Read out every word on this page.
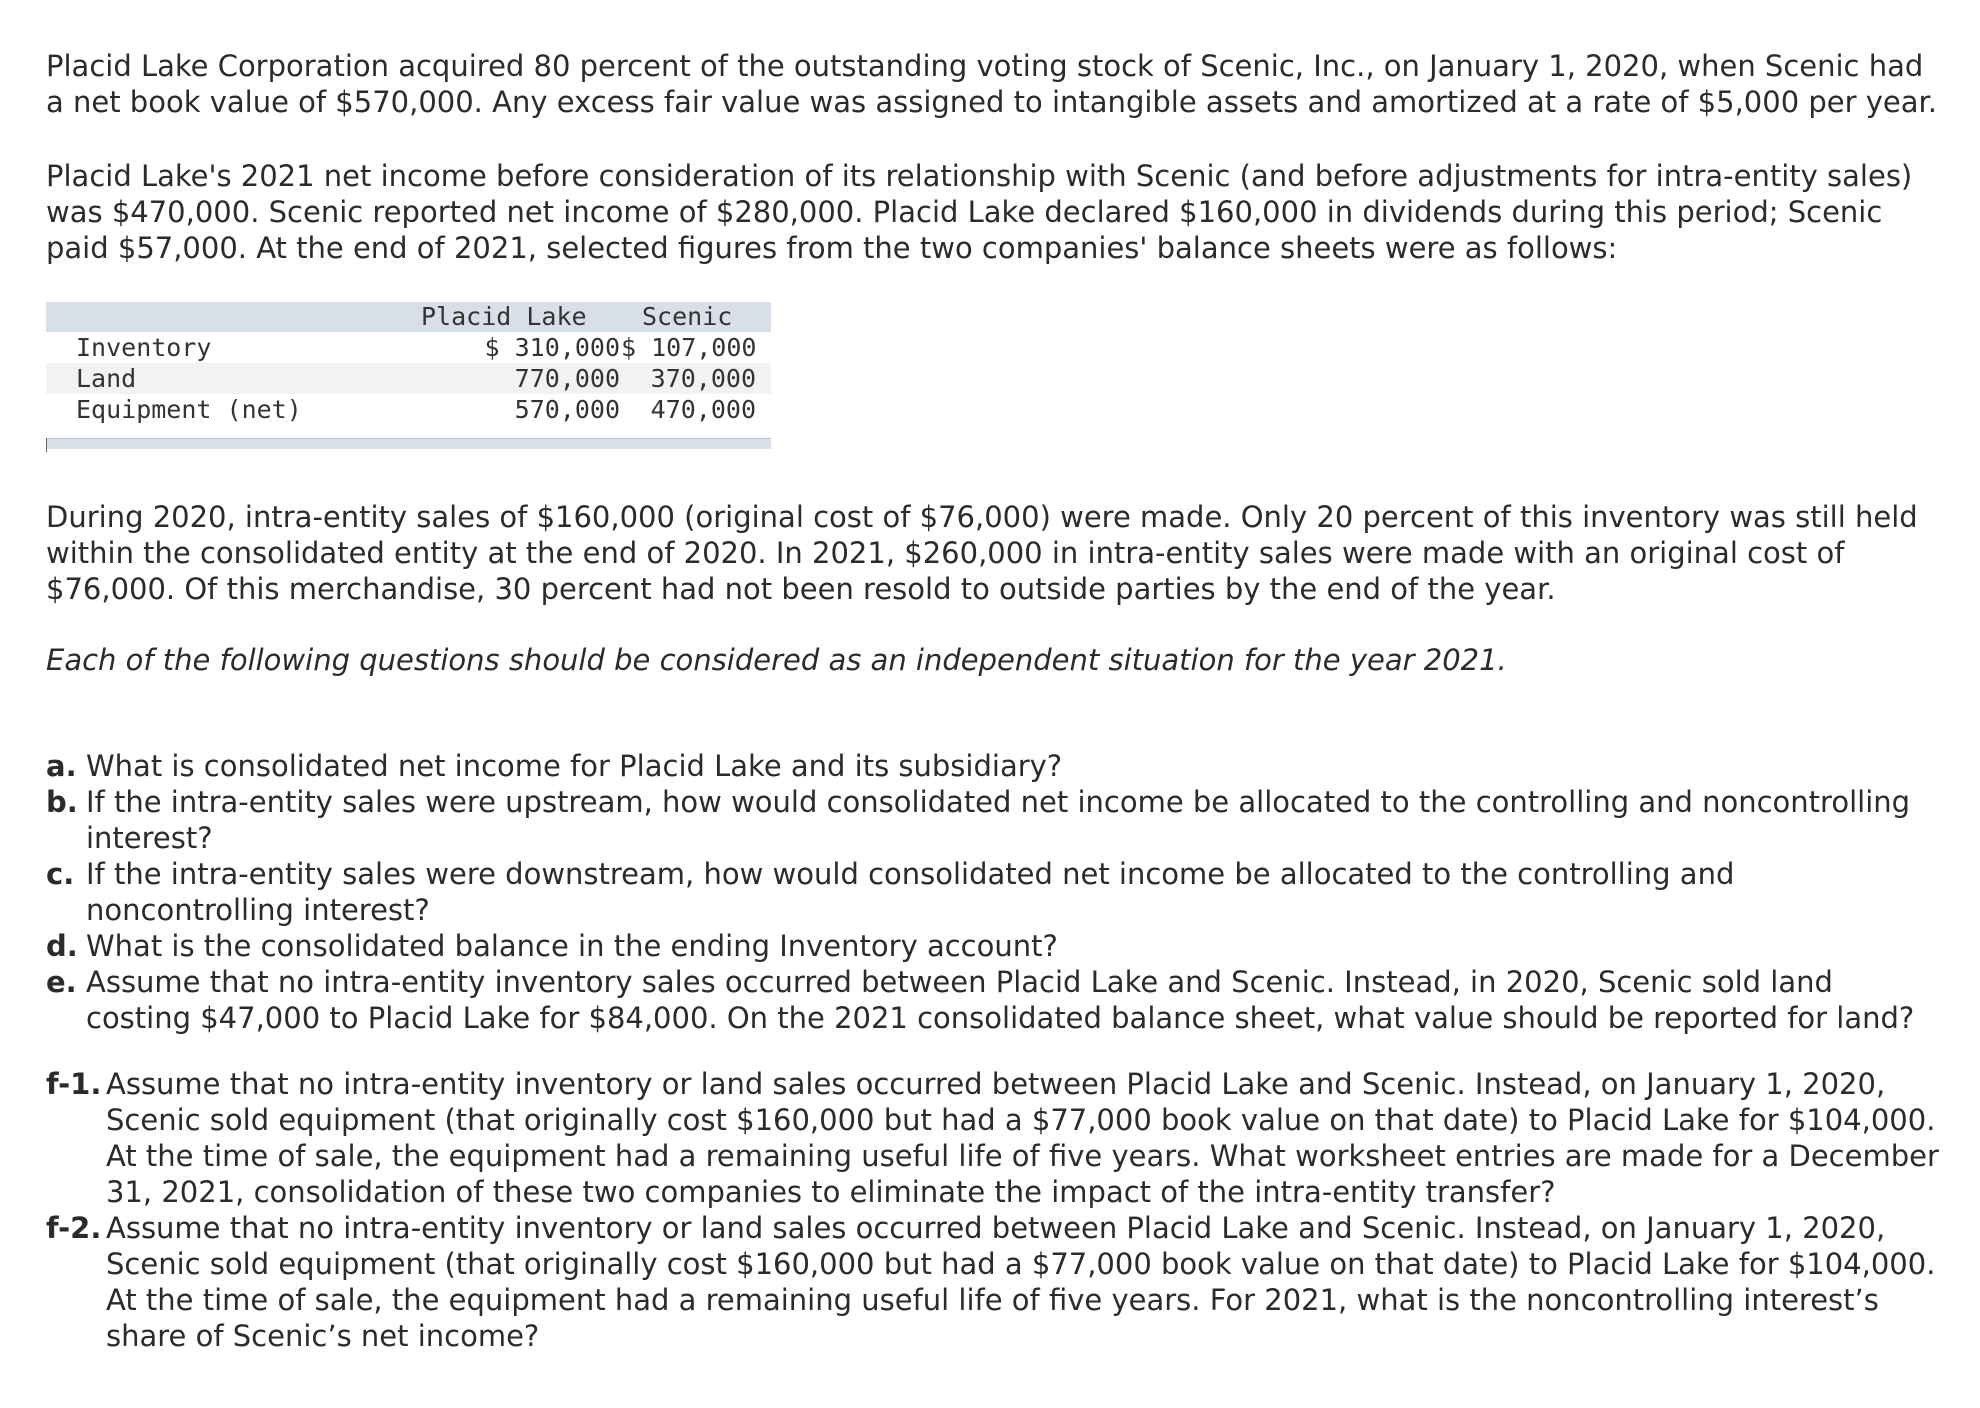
Placid Lake Corporation acquired 80 percent of the outstanding voting stock of Scenic, Inc., on January 1, 2020, when Scenic had a net book value of $570,000. Any excess fair value was assigned to intangible assets and amortized at a rate of $5,000 per year.

Placid Lake's 2021 net income before consideration of its relationship with Scenic (and before adjustments for intra-entity sales) was $470,000. Scenic reported net income of $280,000. Placid Lake declared $160,000 in dividends during this period; Scenic paid $57,000. At the end of 2021, selected figures from the two companies' balance sheets were as follows:

Placid Lake Scenic
Inventory	$ 310,000 $ 107,000
Land	770,000	370,000
Equipment (net)	570,000	470,000

During 2020, intra-entity sales of $160,000 (original cost of $76,000) were made. Only 20 percent of this inventory was still held within the consolidated entity at the end of 2020. In 2021, $260,000 in intra-entity sales were made with an original cost of $76,000. Of this merchandise, 30 percent had not been resold to outside parties by the end of the year.

Each of the following questions should be considered as an independent situation for the year 2021.

a. What is consolidated net income for Placid Lake and its subsidiary?

b. If the intra-entity sales were upstream, how would consolidated net income be allocated to the controlling and noncontrolling interest?

c. If the intra-entity sales were downstream, how would consolidated net income be allocated to the controlling and noncontrolling interest?

d. What is the consolidated balance in the ending Inventory account?

e. Assume that no intra-entity inventory sales occurred between Placid Lake and Scenic. Instead, in 2020, Scenic sold land costing $47,000 to Placid Lake for $84,000. On the 2021 consolidated balance sheet, what value should be reported for land?

f-1. Assume that no intra-entity inventory or land sales occurred between Placid Lake and Scenic. Instead, on January 1, 2020, Scenic sold equipment (that originally cost $160,000 but had a $77,000 book value on that date) to Placid Lake for $104,000. At the time of sale, the equipment had a remaining useful life of five years. What worksheet entries are made for a December 31, 2021, consolidation of these two companies to eliminate the impact of the intra-entity transfer?

f-2. Assume that no intra-entity inventory or land sales occurred between Placid Lake and Scenic. Instead, on January 1, 2020, Scenic sold equipment (that originally cost $160,000 but had a $77,000 book value on that date) to Placid Lake for $104,000. At the time of sale, the equipment had a remaining useful life of five years. For 2021, what is the noncontrolling interest’s share of Scenic’s net income?
